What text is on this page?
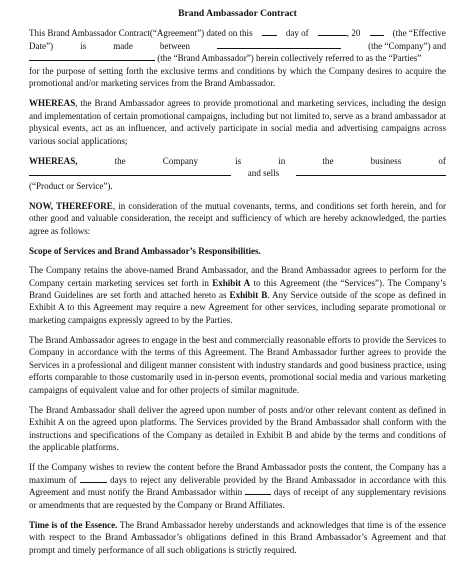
Brand Ambassador Contract
This Brand Ambassador Contract(“Agreement”) dated on this	day of	, 20	(the “Effective
Date”)	is	made	between	(the “Company”) and
(the “Brand Ambassador”) herein collectively referred to as the “Parties”
for the purpose of setting forth the exclusive terms and conditions by which the Company desires to acquire the promotional and/or marketing services from the Brand Ambassador.

WHEREAS, the Brand Ambassador agrees to provide promotional and marketing services, including the design and implementation of certain promotional campaigns, including but not limited to, serve as a brand ambassador at physical events, act as an influencer, and actively participate in social media and advertising campaigns across various social applications;

WHEREAS,	the	Company	is	in	the	business	of
and sells
(“Product or Service”).

NOW, THEREFORE, in consideration of the mutual covenants, terms, and conditions set forth herein, and for other good and valuable consideration, the receipt and sufficiency of which are hereby acknowledged, the parties agree as follows:

Scope of Services and Brand Ambassador’s Responsibilities.

The Company retains the above-named Brand Ambassador, and the Brand Ambassador agrees to perform for the Company certain marketing services set forth in Exhibit A to this Agreement (the “Services”). The Company’s Brand Guidelines are set forth and attached hereto as Exhibit B. Any Service outside of the scope as defined in Exhibit A to this Agreement may require a new Agreement for other services, including separate promotional or marketing campaigns expressly agreed to by the Parties.

The Brand Ambassador agrees to engage in the best and commercially reasonable efforts to provide the Services to Company in accordance with the terms of this Agreement. The Brand Ambassador further agrees to provide the Services in a professional and diligent manner consistent with industry standards and good business practice, using efforts comparable to those customarily used in in-person events, promotional social media and various marketing campaigns of equivalent value and for other projects of similar magnitude.

The Brand Ambassador shall deliver the agreed upon number of posts and/or other relevant content as defined in Exhibit A on the agreed upon platforms. The Services provided by the Brand Ambassador shall conform with the instructions and specifications of the Company as detailed in Exhibit B and abide by the terms and conditions of the applicable platforms.

If the Company wishes to review the content before the Brand Ambassador posts the content, the Company has a maximum of	days to reject any deliverable provided by the Brand Ambassador in accordance with this Agreement and must notify the Brand Ambassador within	days of receipt of any supplementary revisions or amendments that are requested by the Company or Brand Affiliates.

Time is of the Essence. The Brand Ambassador hereby understands and acknowledges that time is of the essence with respect to the Brand Ambassador’s obligations defined in this Brand Ambassador’s Agreement and that prompt and timely performance of all such obligations is strictly required.
